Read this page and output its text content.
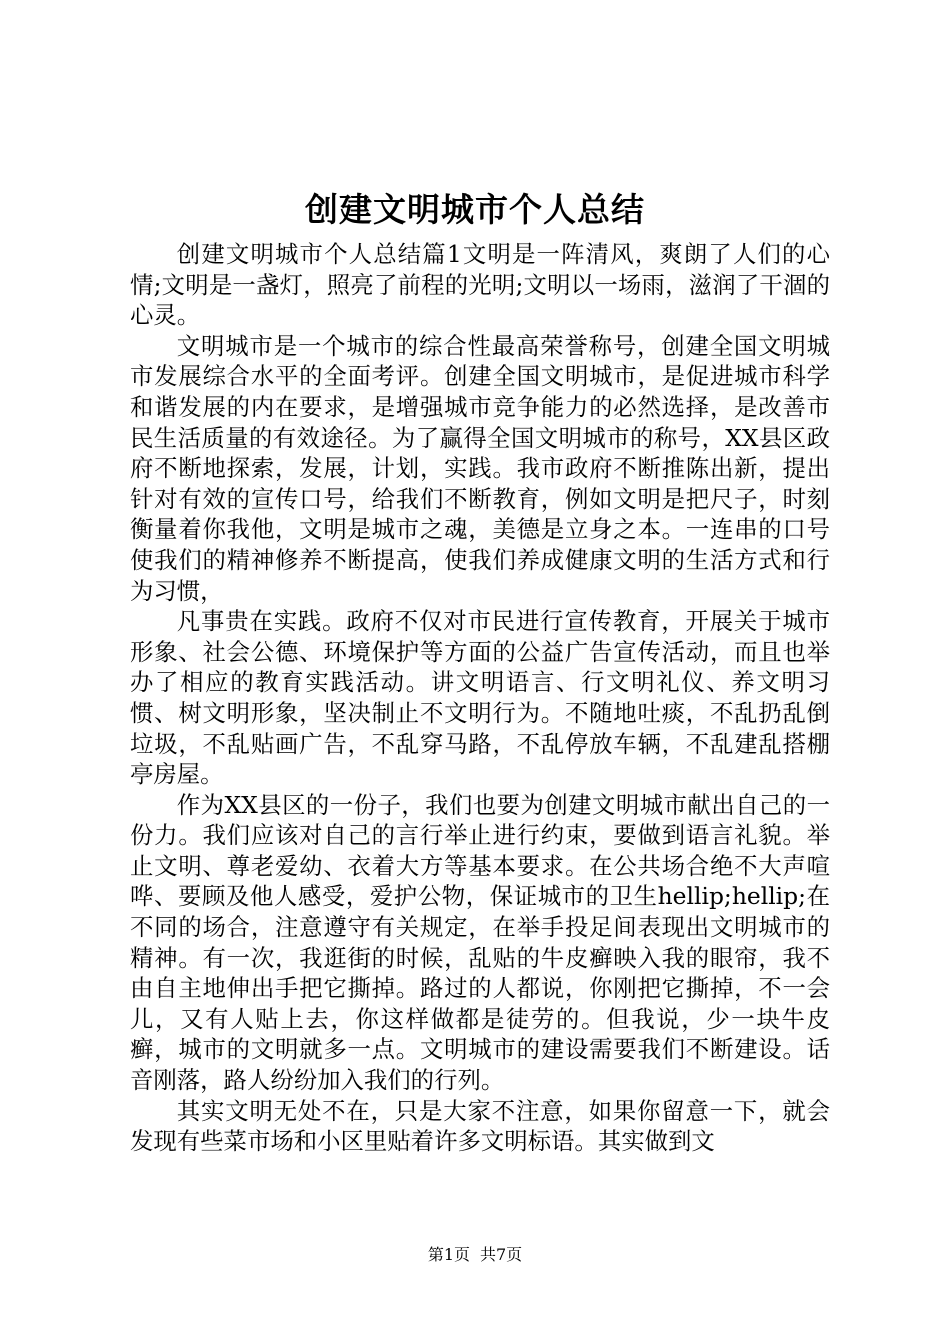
创建文明城市个人总结

创建文明城市个人总结篇1文明是一阵清风，爽朗了人们的心情;文明是一盏灯，照亮了前程的光明;文明以一场雨，滋润了干涸的心灵。

文明城市是一个城市的综合性最高荣誉称号，创建全国文明城市发展综合水平的全面考评。创建全国文明城市，是促进城市科学和谐发展的内在要求，是增强城市竞争能力的必然选择，是改善市民生活质量的有效途径。为了赢得全国文明城市的称号，XX县区政府不断地探索，发展，计划，实践。我市政府不断推陈出新，提出针对有效的宣传口号，给我们不断教育，例如文明是把尺子，时刻衡量着你我他，文明是城市之魂，美德是立身之本。一连串的口号使我们的精神修养不断提高，使我们养成健康文明的生活方式和行为习惯，

凡事贵在实践。政府不仅对市民进行宣传教育，开展关于城市形象、社会公德、环境保护等方面的公益广告宣传活动，而且也举办了相应的教育实践活动。讲文明语言、行文明礼仪、养文明习惯、树文明形象，坚决制止不文明行为。不随地吐痰，不乱扔乱倒垃圾，不乱贴画广告，不乱穿马路，不乱停放车辆，不乱建乱搭棚亭房屋。

作为XX县区的一份子，我们也要为创建文明城市献出自己的一份力。我们应该对自己的言行举止进行约束，要做到语言礼貌。举止文明、尊老爱幼、衣着大方等基本要求。在公共场合绝不大声喧哗、要顾及他人感受，爱护公物，保证城市的卫生hellip;hellip;在不同的场合，注意遵守有关规定，在举手投足间表现出文明城市的精神。有一次，我逛街的时候，乱贴的牛皮癣映入我的眼帘，我不由自主地伸出手把它撕掉。路过的人都说，你刚把它撕掉，不一会儿，又有人贴上去，你这样做都是徒劳的。但我说，少一块牛皮癣，城市的文明就多一点。文明城市的建设需要我们不断建设。话音刚落，路人纷纷加入我们的行列。

其实文明无处不在，只是大家不注意，如果你留意一下，就会发现有些菜市场和小区里贴着许多文明标语。其实做到文

第1页 共7页
